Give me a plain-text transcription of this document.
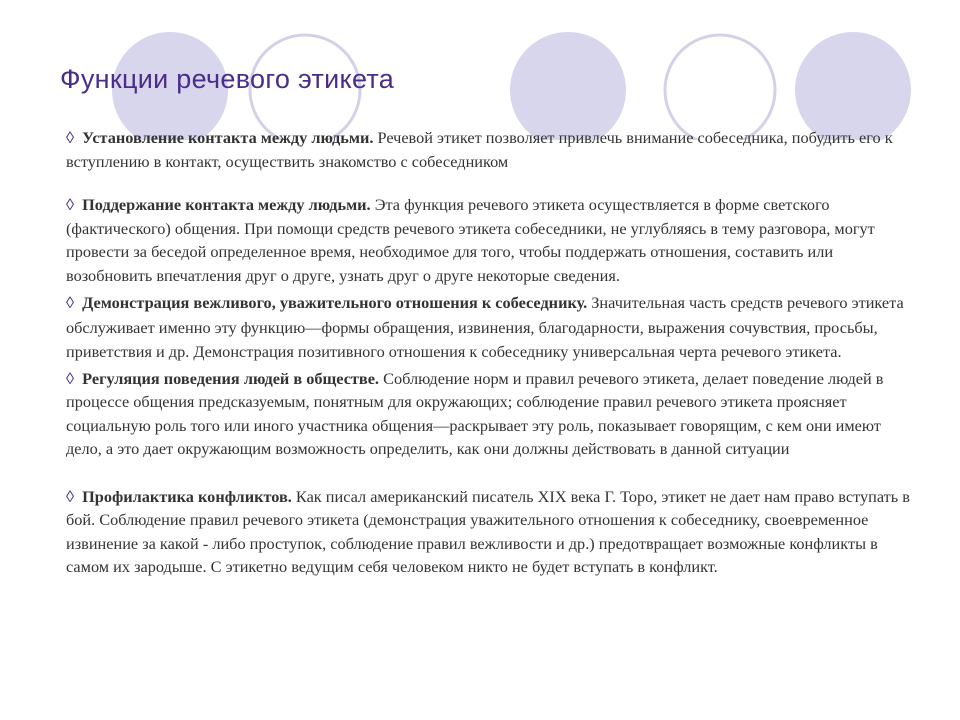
Функции речевого этикета

◊ Установление контакта между людьми. Речевой этикет позволяет привлечь внимание собеседника, побудить его к вступлению в контакт, осуществить знакомство с собеседником

◊ Поддержание контакта между людьми. Эта функция речевого этикета осуществляется в форме светского (фактического) общения. При помощи средств речевого этикета собеседники, не углубляясь в тему разговора, могут провести за беседой определенное время, необходимое для того, чтобы поддержать отношения, составить или возобновить впечатления друг о друге, узнать друг о друге некоторые сведения.

◊ Демонстрация вежливого, уважительного отношения к собеседнику. Значительная часть средств речевого этикета обслуживает именно эту функцию—формы обращения, извинения, благодарности, выражения сочувствия, просьбы, приветствия и др. Демонстрация позитивного отношения к собеседнику универсальная черта речевого этикета.

◊ Регуляция поведения людей в обществе. Соблюдение норм и правил речевого этикета, делает поведение людей в процессе общения предсказуемым, понятным для окружающих; соблюдение правил речевого этикета проясняет социальную роль того или иного участника общения—раскрывает эту роль, показывает говорящим, с кем они имеют дело, а это дает окружающим возможность определить, как они должны действовать в данной ситуации

◊ Профилактика конфликтов. Как писал американский писатель XIX века Г. Торо, этикет не дает нам право вступать в бой. Соблюдение правил речевого этикета (демонстрация уважительного отношения к собеседнику, своевременное извинение за какой - либо проступок, соблюдение правил вежливости и др.) предотвращает возможные конфликты в самом их зародыше. С этикетно ведущим себя человеком никто не будет вступать в конфликт.
